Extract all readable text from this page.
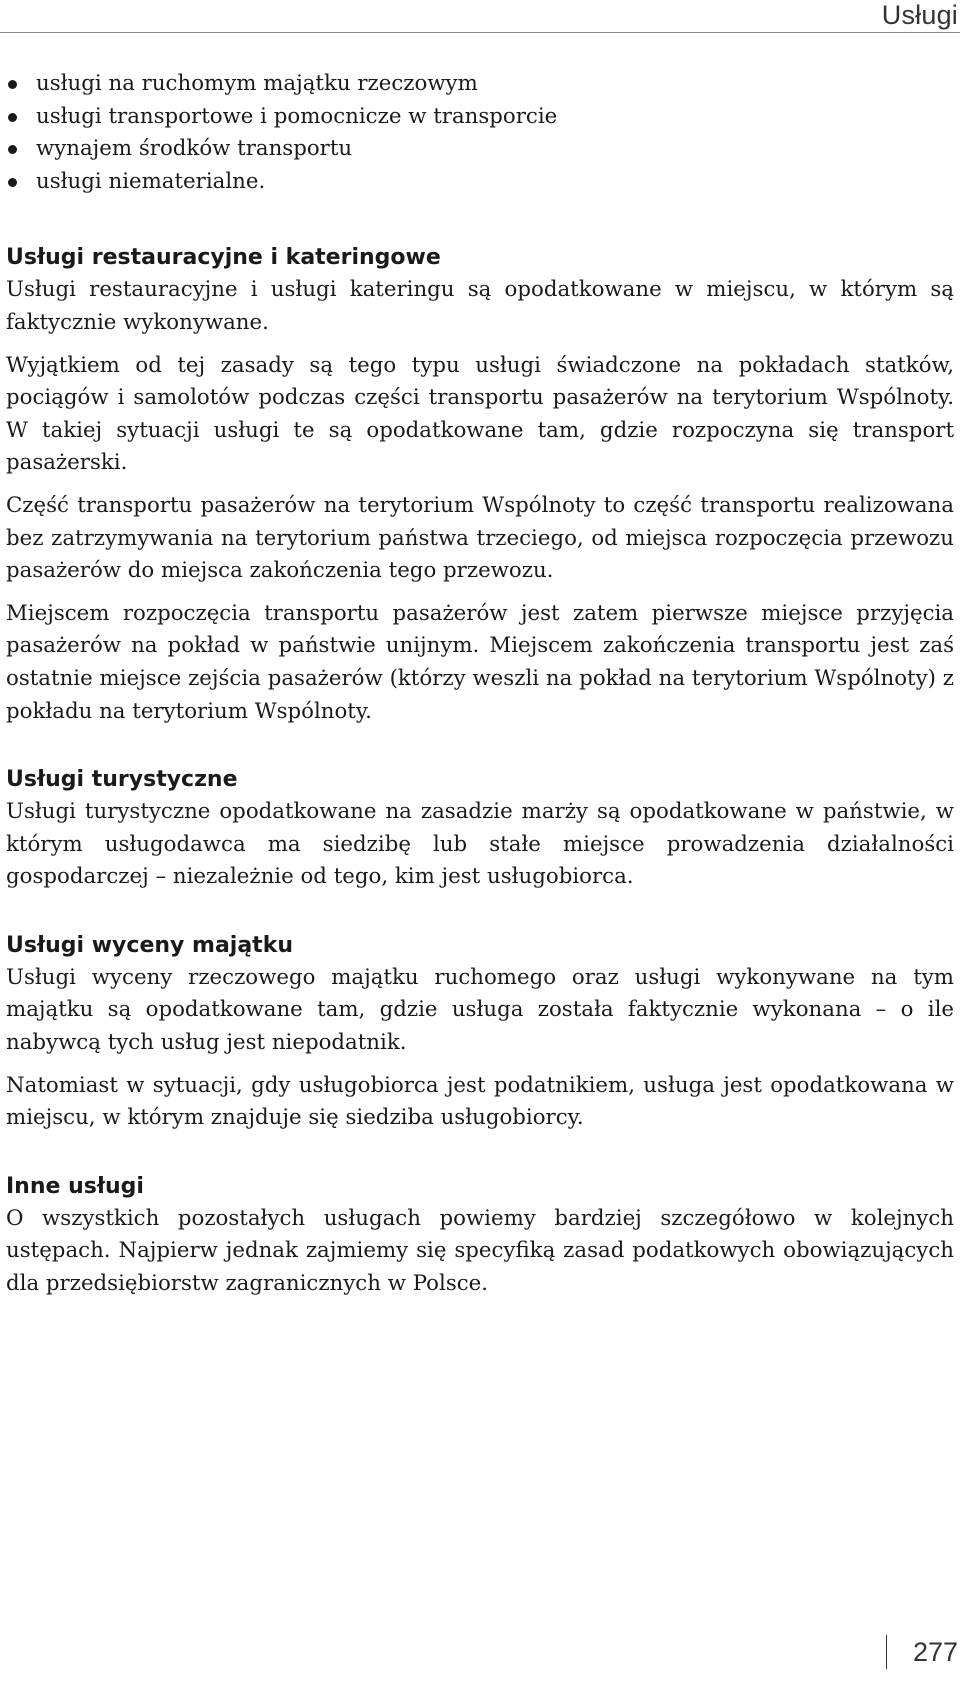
Usługi
usługi na ruchomym majątku rzeczowym
usługi transportowe i pomocnicze w transporcie
wynajem środków transportu
usługi niematerialne.
Usługi restauracyjne i kateringowe

Usługi restauracyjne i usługi kateringu są opodatkowane w miejscu, w którym są faktycznie wykonywane.

Wyjątkiem od tej zasady są tego typu usługi świadczone na pokładach statków, pociągów i samolotów podczas części transportu pasażerów na terytorium Wspólnoty. W takiej sytuacji usługi te są opodatkowane tam, gdzie rozpoczyna się transport pasażerski.

Część transportu pasażerów na terytorium Wspólnoty to część transportu realizowana bez zatrzymywania na terytorium państwa trzeciego, od miejsca rozpoczęcia przewozu pasażerów do miejsca zakończenia tego przewozu.

Miejscem rozpoczęcia transportu pasażerów jest zatem pierwsze miejsce przyjęcia pasażerów na pokład w państwie unijnym. Miejscem zakończenia transportu jest zaś ostatnie miejsce zejścia pasażerów (którzy weszli na pokład na terytorium Wspólnoty) z pokładu na terytorium Wspólnoty.

Usługi turystyczne

Usługi turystyczne opodatkowane na zasadzie marży są opodatkowane w państwie, w którym usługodawca ma siedzibę lub stałe miejsce prowadzenia działalności gospodarczej – niezależnie od tego, kim jest usługobiorca.

Usługi wyceny majątku

Usługi wyceny rzeczowego majątku ruchomego oraz usługi wykonywane na tym majątku są opodatkowane tam, gdzie usługa została faktycznie wykonana – o ile nabywcą tych usług jest niepodatnik.

Natomiast w sytuacji, gdy usługobiorca jest podatnikiem, usługa jest opodatkowana w miejscu, w którym znajduje się siedziba usługobiorcy.

Inne usługi

O wszystkich pozostałych usługach powiemy bardziej szczegółowo w kolejnych ustępach. Najpierw jednak zajmiemy się specyfiką zasad podatkowych obowiązujących dla przedsiębiorstw zagranicznych w Polsce.

277
